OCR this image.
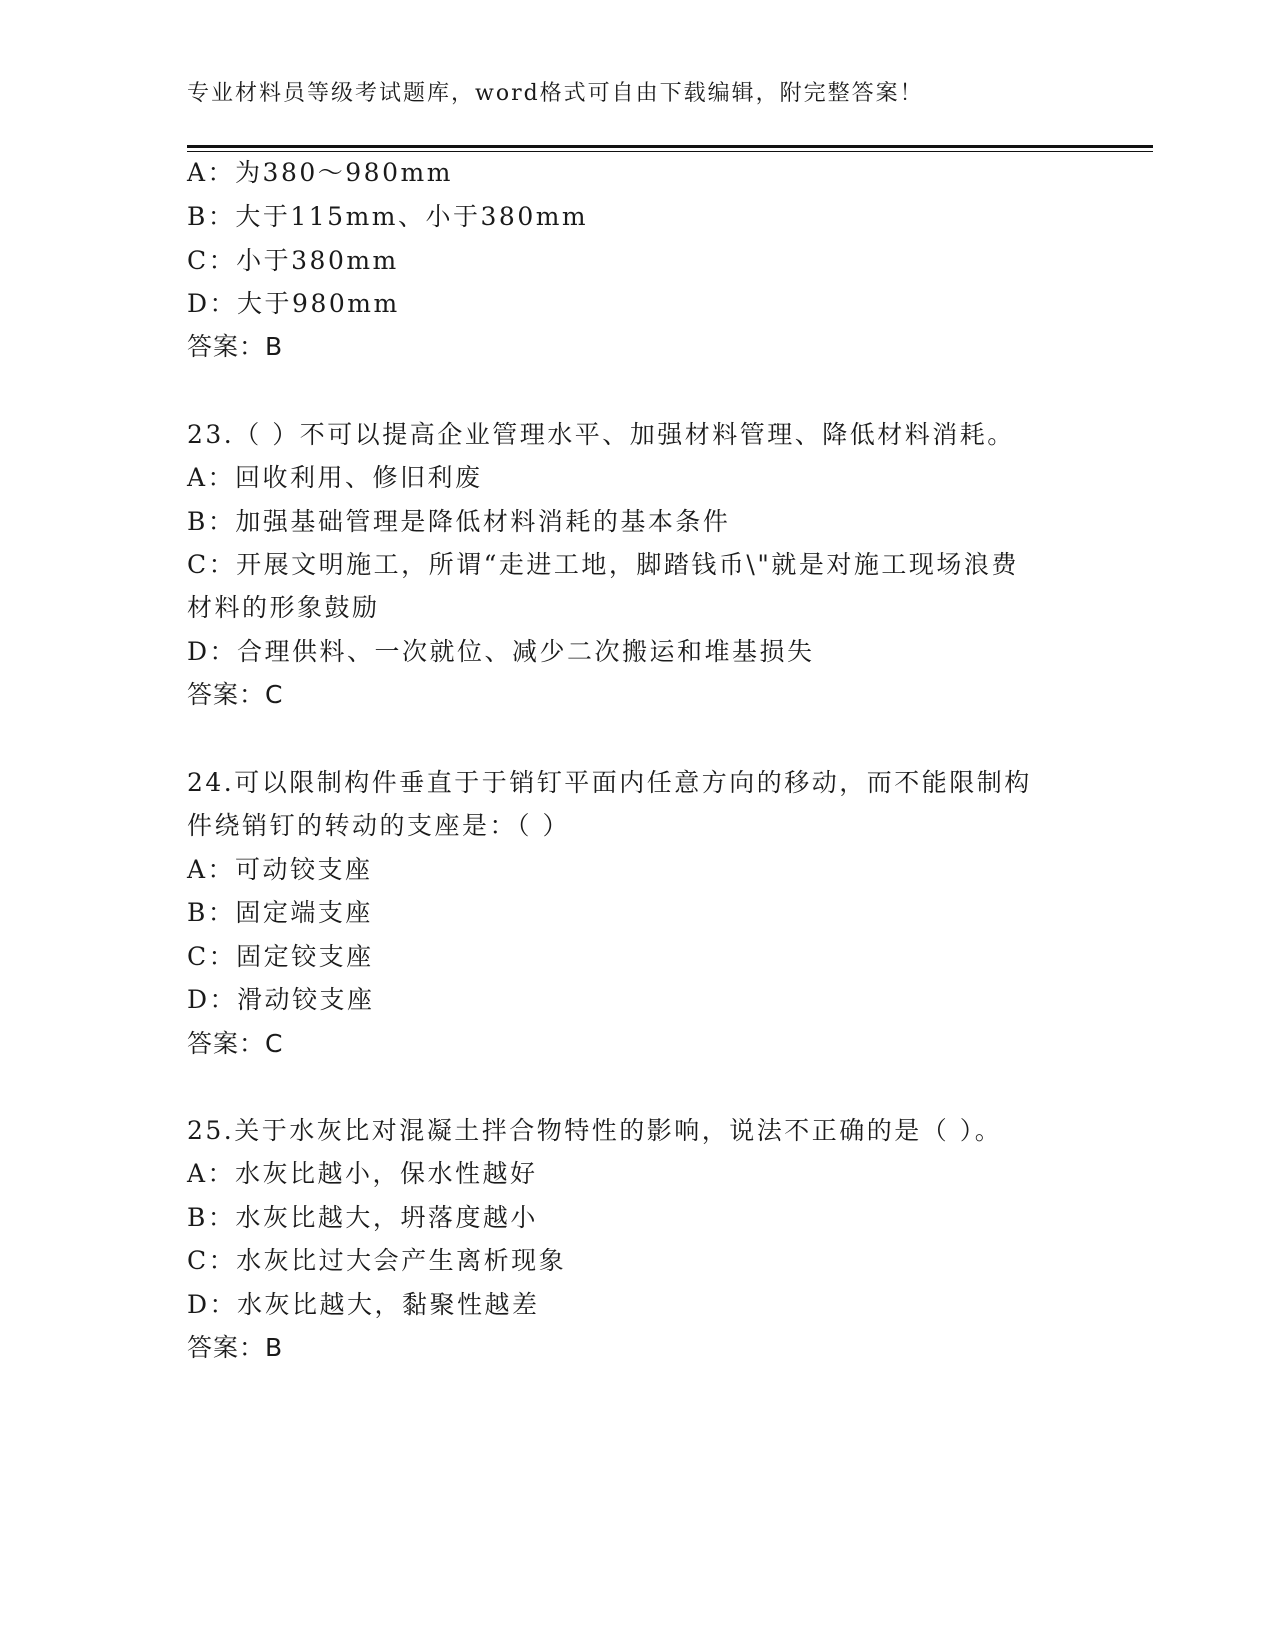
专业材料员等级考试题库，word格式可自由下载编辑，附完整答案！
A：为380～980mm
B：大于115mm、小于380mm
C：小于380mm
D：大于980mm
答案：B
23.（ ）不可以提高企业管理水平、加强材料管理、降低材料消耗。
A：回收利用、修旧利废
B：加强基础管理是降低材料消耗的基本条件
C：开展文明施工，所谓“走进工地，脚踏钱币\"就是对施工现场浪费
材料的形象鼓励
D：合理供料、一次就位、减少二次搬运和堆基损失
答案：C
24.可以限制构件垂直于于销钉平面内任意方向的移动，而不能限制构
件绕销钉的转动的支座是：（ ）
A：可动铰支座
B：固定端支座
C：固定铰支座
D：滑动铰支座
答案：C
25.关于水灰比对混凝土拌合物特性的影响，说法不正确的是（ ）。
A：水灰比越小，保水性越好
B：水灰比越大，坍落度越小
C：水灰比过大会产生离析现象
D：水灰比越大，黏聚性越差
答案：B
